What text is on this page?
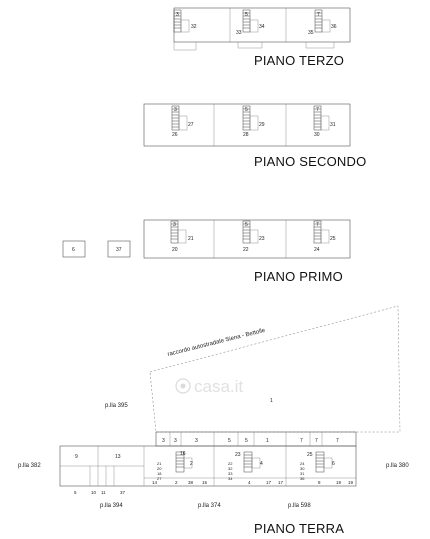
3
32
5
34
33
7
36
35
3
27
26
5
29
28
7
31
30
3
21
20
5
23
22
7
25
24
6	37
raccordo autostradale Siena - Bettolle
1
casa.it
3 3	3	5	5	1	7 7	7
9	13
5	10 11	37
16
2
21
20
18
27
23
4
22
32
33
34
25
6
24
30
31
36
14	2 38 15	4	17 17	8	19 19
p.lla 395
p.lla 382	p.lla 380
p.lla 394	p.lla 374	p.lla 598
PIANO TERZO
PIANO SECONDO
PIANO PRIMO
PIANO TERRA
